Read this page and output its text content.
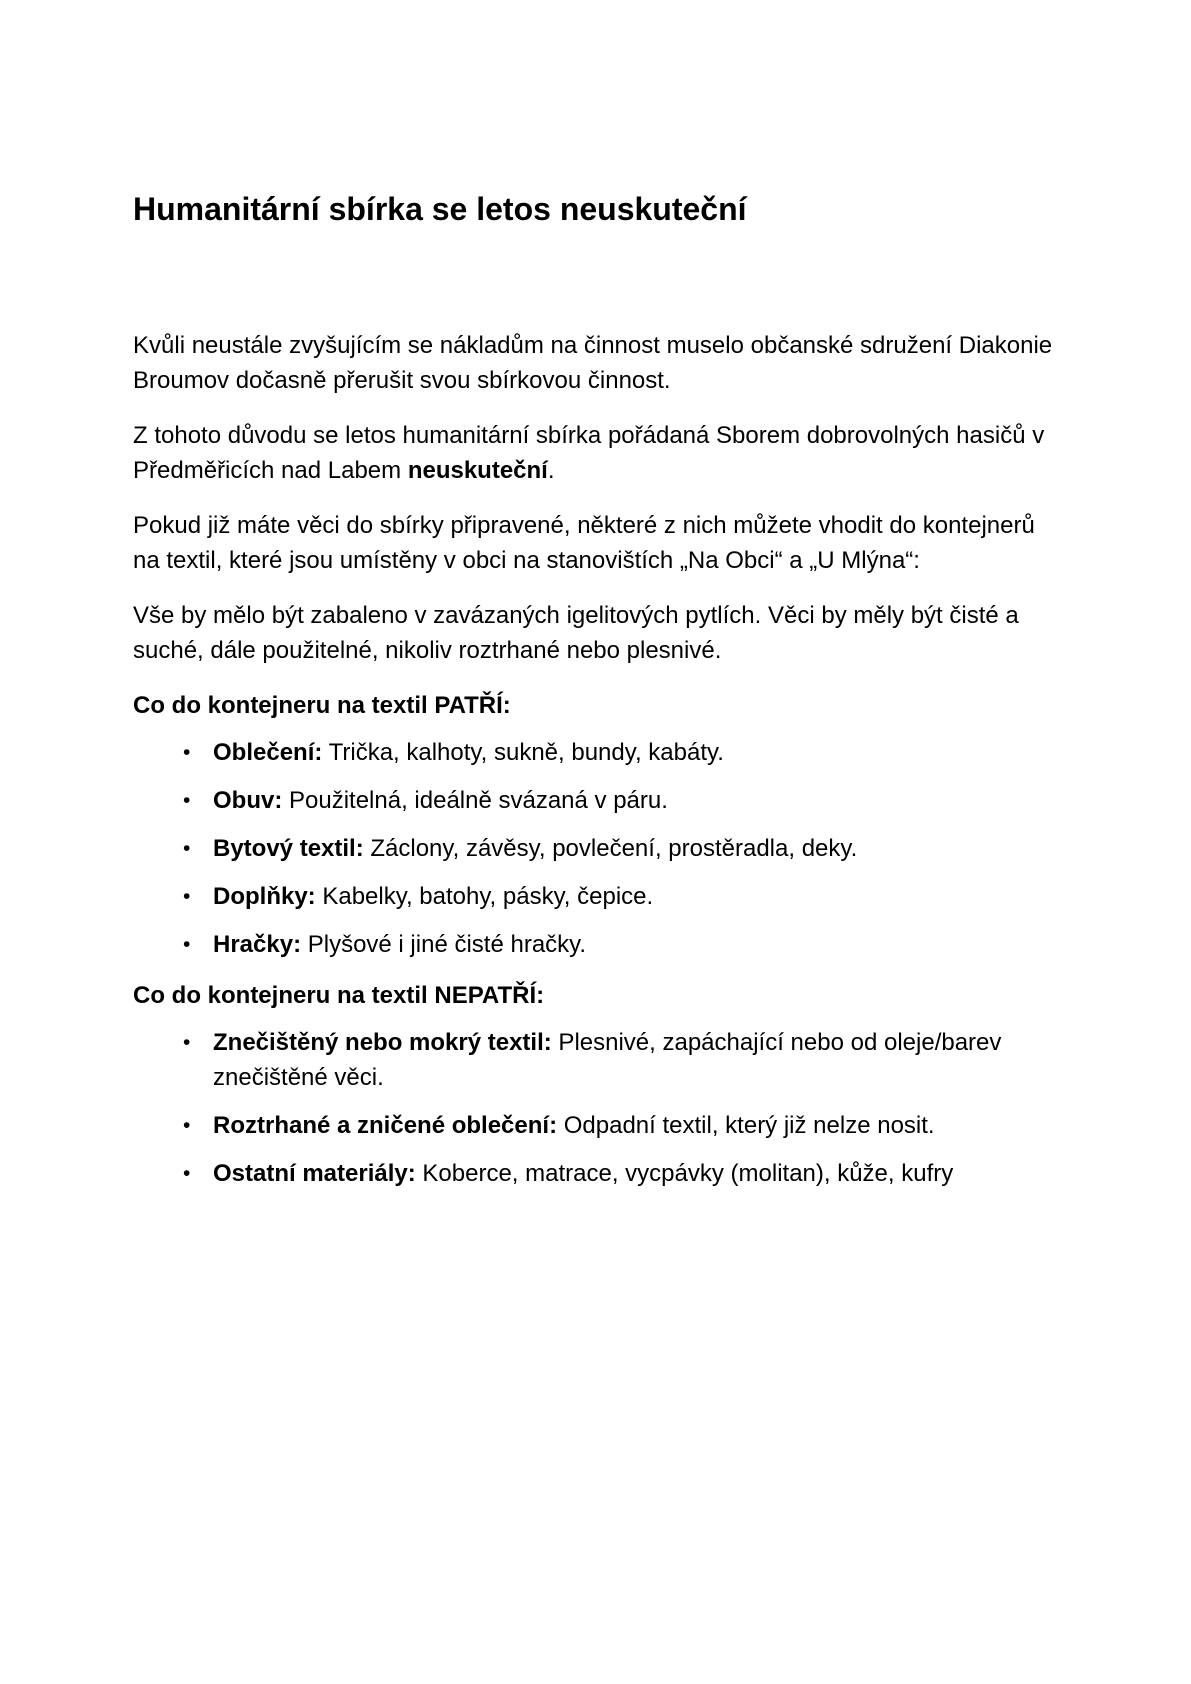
Humanitární sbírka se letos neuskuteční

Kvůli neustále zvyšujícím se nákladům na činnost muselo občanské sdružení Diakonie Broumov dočasně přerušit svou sbírkovou činnost.

Z tohoto důvodu se letos humanitární sbírka pořádaná Sborem dobrovolných hasičů v Předměřicích nad Labem neuskuteční.

Pokud již máte věci do sbírky připravené, některé z nich můžete vhodit do kontejnerů na textil, které jsou umístěny v obci na stanovištích „Na Obci“ a „U Mlýna“:

Vše by mělo být zabaleno v zavázaných igelitových pytlích. Věci by měly být čisté a suché, dále použitelné, nikoliv roztrhané nebo plesnivé.

Co do kontejneru na textil PATŘÍ:
• Oblečení: Trička, kalhoty, sukně, bundy, kabáty.
• Obuv: Použitelná, ideálně svázaná v páru.
• Bytový textil: Záclony, závěsy, povlečení, prostěradla, deky.
• Doplňky: Kabelky, batohy, pásky, čepice.
• Hračky: Plyšové i jiné čisté hračky.
Co do kontejneru na textil NEPATŘÍ:
• Znečištěný nebo mokrý textil: Plesnivé, zapáchající nebo od oleje/barev znečištěné věci.
• Roztrhané a zničené oblečení: Odpadní textil, který již nelze nosit.
• Ostatní materiály: Koberce, matrace, vycpávky (molitan), kůže, kufry
